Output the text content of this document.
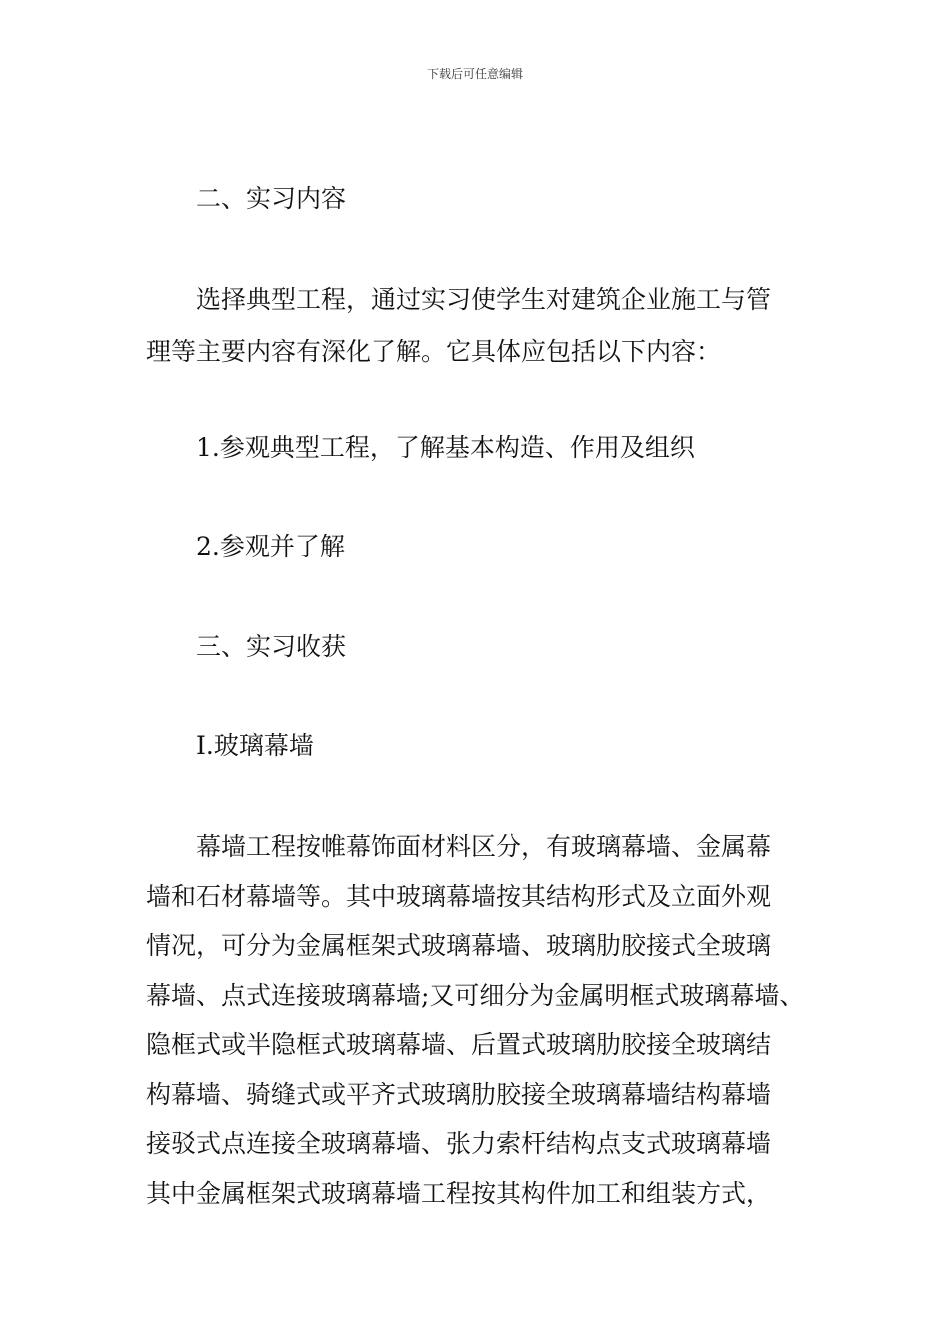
下载后可任意编辑
二、实习内容
选择典型工程，通过实习使学生对建筑企业施工与管
理等主要内容有深化了解。它具体应包括以下内容：
1.参观典型工程，了解基本构造、作用及组织
2.参观并了解
三、实习收获
I.玻璃幕墙
幕墙工程按帷幕饰面材料区分，有玻璃幕墙、金属幕
墙和石材幕墙等。其中玻璃幕墙按其结构形式及立面外观
情况，可分为金属框架式玻璃幕墙、玻璃肋胶接式全玻璃
幕墙、点式连接玻璃幕墙;又可细分为金属明框式玻璃幕墙、
隐框式或半隐框式玻璃幕墙、后置式玻璃肋胶接全玻璃结
构幕墙、骑缝式或平齐式玻璃肋胶接全玻璃幕墙结构幕墙
接驳式点连接全玻璃幕墙、张力索杆结构点支式玻璃幕墙
其中金属框架式玻璃幕墙工程按其构件加工和组装方式，
